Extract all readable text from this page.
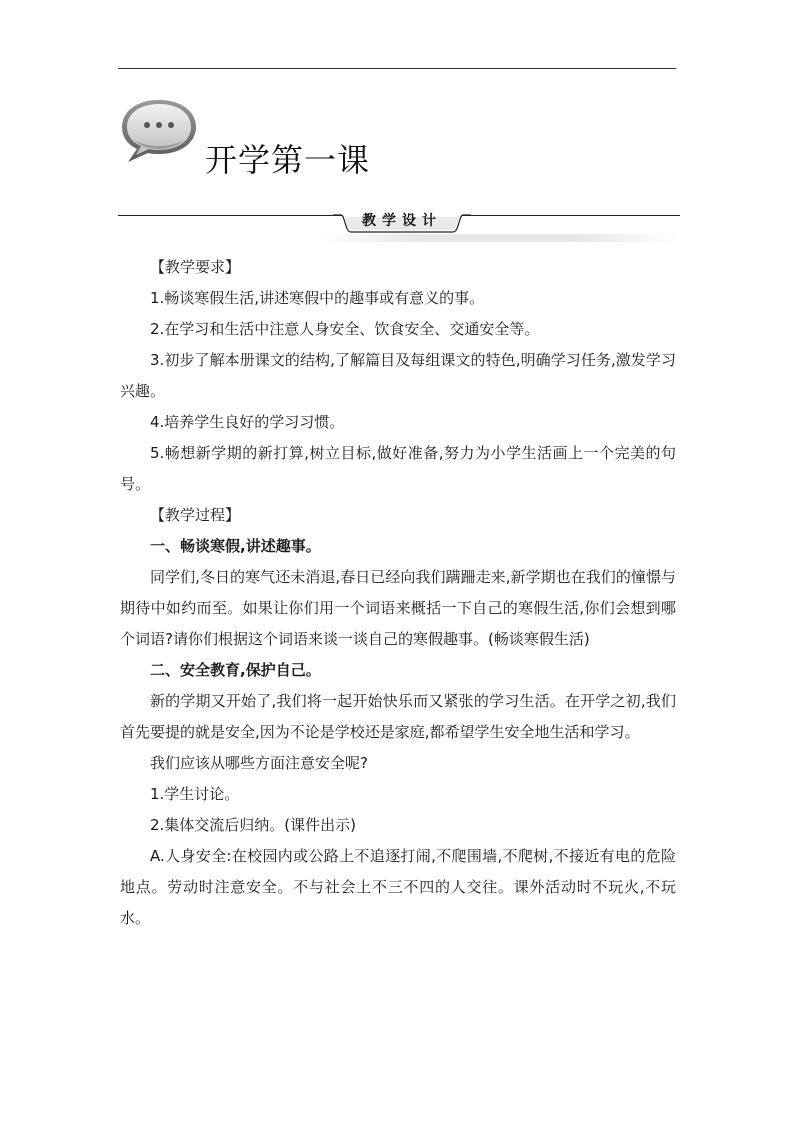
开学第一课
教学设计

【教学要求】

1.畅谈寒假生活,讲述寒假中的趣事或有意义的事。

2.在学习和生活中注意人身安全、饮食安全、交通安全等。

3.初步了解本册课文的结构,了解篇目及每组课文的特色,明确学习任务,激发学习兴趣。

4.培养学生良好的学习习惯。

5.畅想新学期的新打算,树立目标,做好准备,努力为小学生活画上一个完美的句号。

【教学过程】

一、畅谈寒假,讲述趣事。

同学们,冬日的寒气还未消退,春日已经向我们蹒跚走来,新学期也在我们的憧憬与期待中如约而至。如果让你们用一个词语来概括一下自己的寒假生活,你们会想到哪个词语?请你们根据这个词语来谈一谈自己的寒假趣事。(畅谈寒假生活)

二、安全教育,保护自己。

新的学期又开始了,我们将一起开始快乐而又紧张的学习生活。在开学之初,我们首先要提的就是安全,因为不论是学校还是家庭,都希望学生安全地生活和学习。

我们应该从哪些方面注意安全呢?

1.学生讨论。

2.集体交流后归纳。(课件出示)

A.人身安全:在校园内或公路上不追逐打闹,不爬围墙,不爬树,不接近有电的危险地点。劳动时注意安全。不与社会上不三不四的人交往。课外活动时不玩火,不玩水。
